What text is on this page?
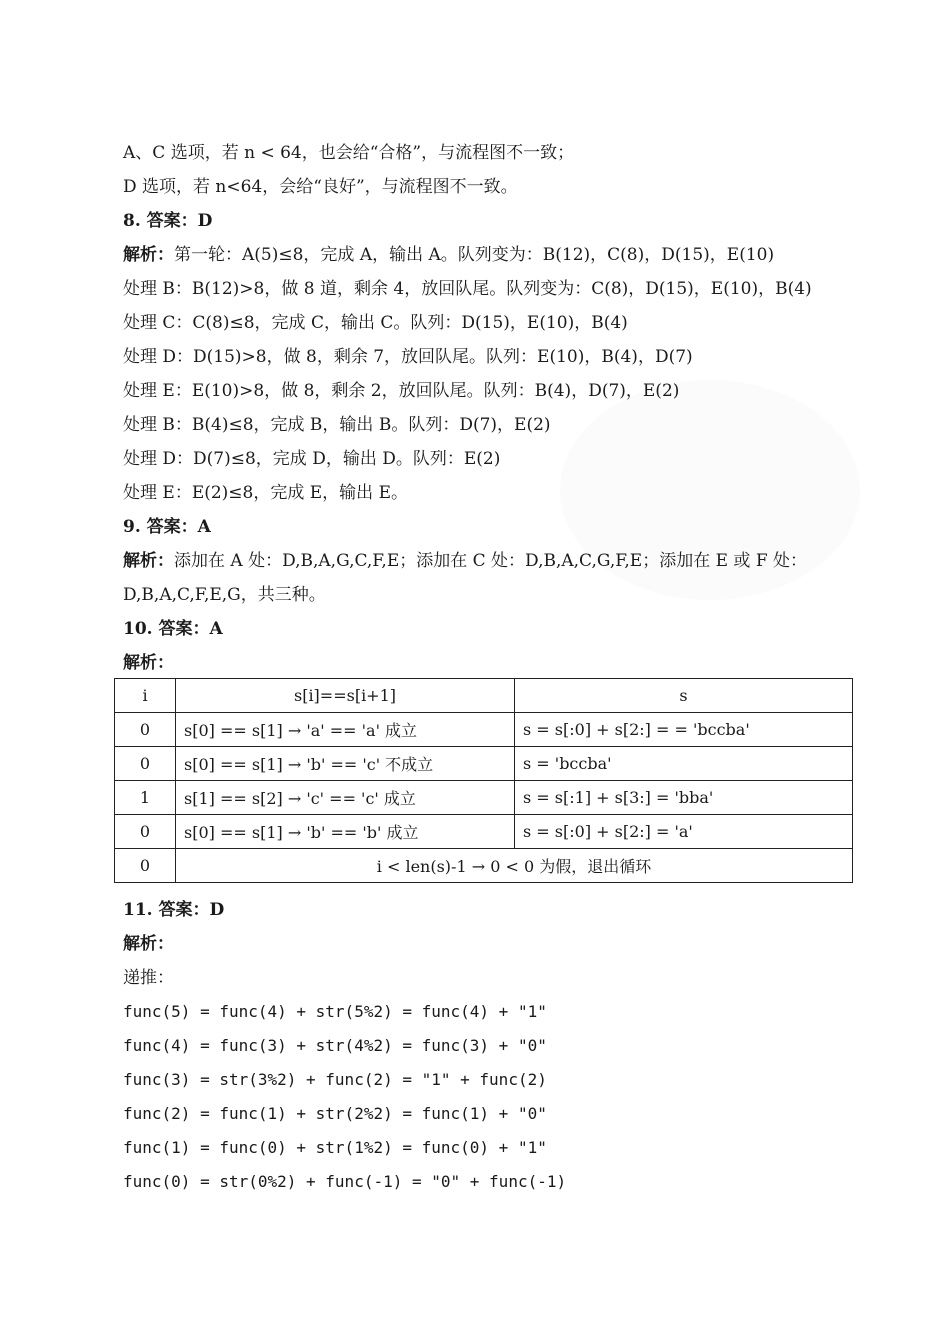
A、C 选项，若 n < 64，也会给“合格”，与流程图不一致；
D 选项，若 n<64，会给“良好”，与流程图不一致。
8. 答案：D
解析：第一轮：A(5)≤8，完成 A，输出 A。队列变为：B(12)，C(8)，D(15)，E(10)
处理 B：B(12)>8，做 8 道，剩余 4，放回队尾。队列变为：C(8)，D(15)，E(10)，B(4)
处理 C：C(8)≤8，完成 C，输出 C。队列：D(15)，E(10)，B(4)
处理 D：D(15)>8，做 8，剩余 7，放回队尾。队列：E(10)，B(4)，D(7)
处理 E：E(10)>8，做 8，剩余 2，放回队尾。队列：B(4)，D(7)，E(2)
处理 B：B(4)≤8，完成 B，输出 B。队列：D(7)，E(2)
处理 D：D(7)≤8，完成 D，输出 D。队列：E(2)
处理 E：E(2)≤8，完成 E，输出 E。
9. 答案：A
解析：添加在 A 处：D,B,A,G,C,F,E；添加在 C 处：D,B,A,C,G,F,E；添加在 E 或 F 处：
D,B,A,C,F,E,G，共三种。
10. 答案：A
解析：
i	s[i]==s[i+1]	s
0	s[0] == s[1] → 'a' == 'a' 成立	s = s[:0] + s[2:] = = 'bccba'
0	s[0] == s[1] → 'b' == 'c' 不成立	s = 'bccba'
1	s[1] == s[2] → 'c' == 'c' 成立	s = s[:1] + s[3:] = 'bba'
0	s[0] == s[1] → 'b' == 'b' 成立	s = s[:0] + s[2:] = 'a'
0	i < len(s)-1 → 0 < 0 为假，退出循环	
11. 答案：D
解析：
递推：
func(5) = func(4) + str(5%2) = func(4) + "1"
func(4) = func(3) + str(4%2) = func(3) + "0"
func(3) = str(3%2) + func(2) = "1" + func(2)
func(2) = func(1) + str(2%2) = func(1) + "0"
func(1) = func(0) + str(1%2) = func(0) + "1"
func(0) = str(0%2) + func(-1) = "0" + func(-1)
